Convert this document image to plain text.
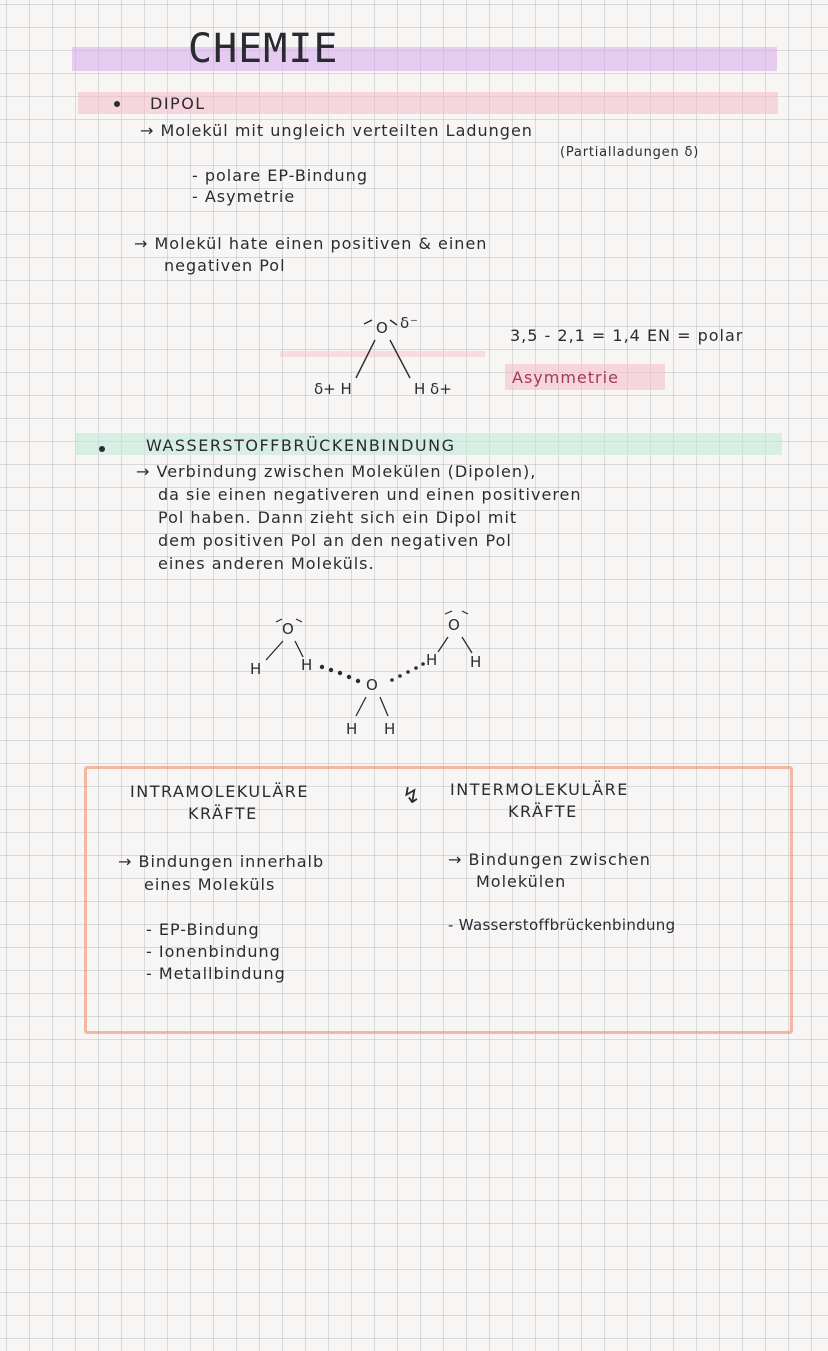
CHEMIE
DIPOL
→ Molekül mit ungleich verteilten Ladungen
(Partialladungen δ)
- polare EP-Bindung
- Asymetrie
→ Molekül hate einen positiven & einen
negativen Pol
O δ⁻
δ+ H	H δ+
3,5 - 2,1 = 1,4 EN = polar
Asymmetrie
WASSERSTOFFBRÜCKENBINDUNG
→ Verbindung zwischen Molekülen (Dipolen),
da sie einen negativeren und einen positiveren
Pol haben. Dann zieht sich ein Dipol mit
dem positiven Pol an den negativen Pol
eines anderen Moleküls.
O
H	H
O
H H
O
H H
INTRAMOLEKULÄRE
KRÄFTE
↯ INTERMOLEKULÄRE
KRÄFTE
→ Bindungen innerhalb
eines Moleküls
- EP-Bindung
- Ionenbindung
- Metallbindung
→ Bindungen zwischen
Molekülen
- Wasserstoffbrückenbindung
